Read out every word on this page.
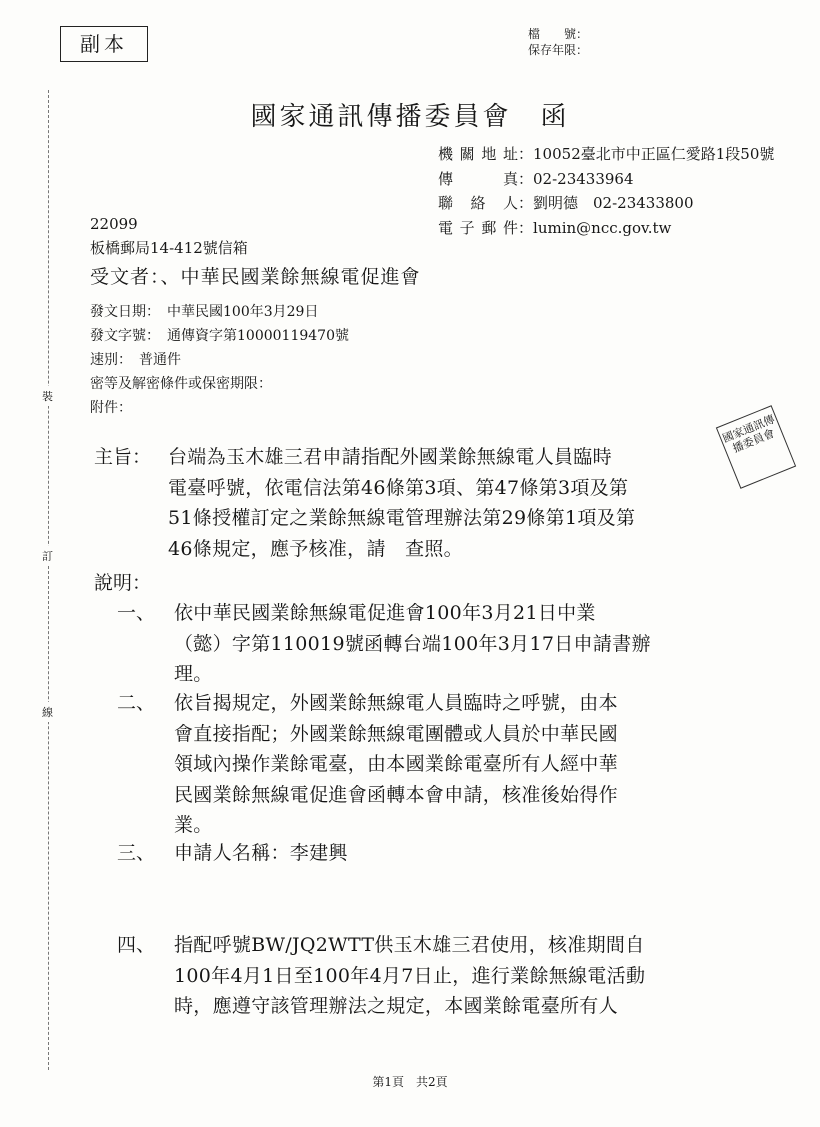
副本	檔　　號：
保存年限：
國家通訊傳播委員會　函
機關地址：10052臺北市中正區仁愛路1段50號
傳真：02-23433964
聯絡人：劉明德　02-23433800
電子郵件：lumin@ncc.gov.tw
22099
板橋郵局14-412號信箱
受文者：、中華民國業餘無線電促進會
發文日期：　中華民國100年3月29日
發文字號：　通傳資字第10000119470號
速別：　普通件
密等及解密條件或保密期限：
附件：
主旨： 台端為玉木雄三君申請指配外國業餘無線電人員臨時
電臺呼號，依電信法第46條第3項、第47條第3項及第
51條授權訂定之業餘無線電管理辦法第29條第1項及第
46條規定，應予核准，請　查照。
說明：
一、 依中華民國業餘無線電促進會100年3月21日中業
（懿）字第110019號函轉台端100年3月17日申請書辦
理。
二、 依旨揭規定，外國業餘無線電人員臨時之呼號，由本
會直接指配；外國業餘無線電團體或人員於中華民國
領域內操作業餘電臺，由本國業餘電臺所有人經中華
民國業餘無線電促進會函轉本會申請，核准後始得作
業。
三、 申請人名稱：李建興
四、 指配呼號BW/JQ2WTT供玉木雄三君使用，核准期間自
100年4月1日至100年4月7日止，進行業餘無線電活動
時，應遵守該管理辦法之規定，本國業餘電臺所有人
裝
訂
線
國家通訊傳播委員會
第1頁　共2頁
